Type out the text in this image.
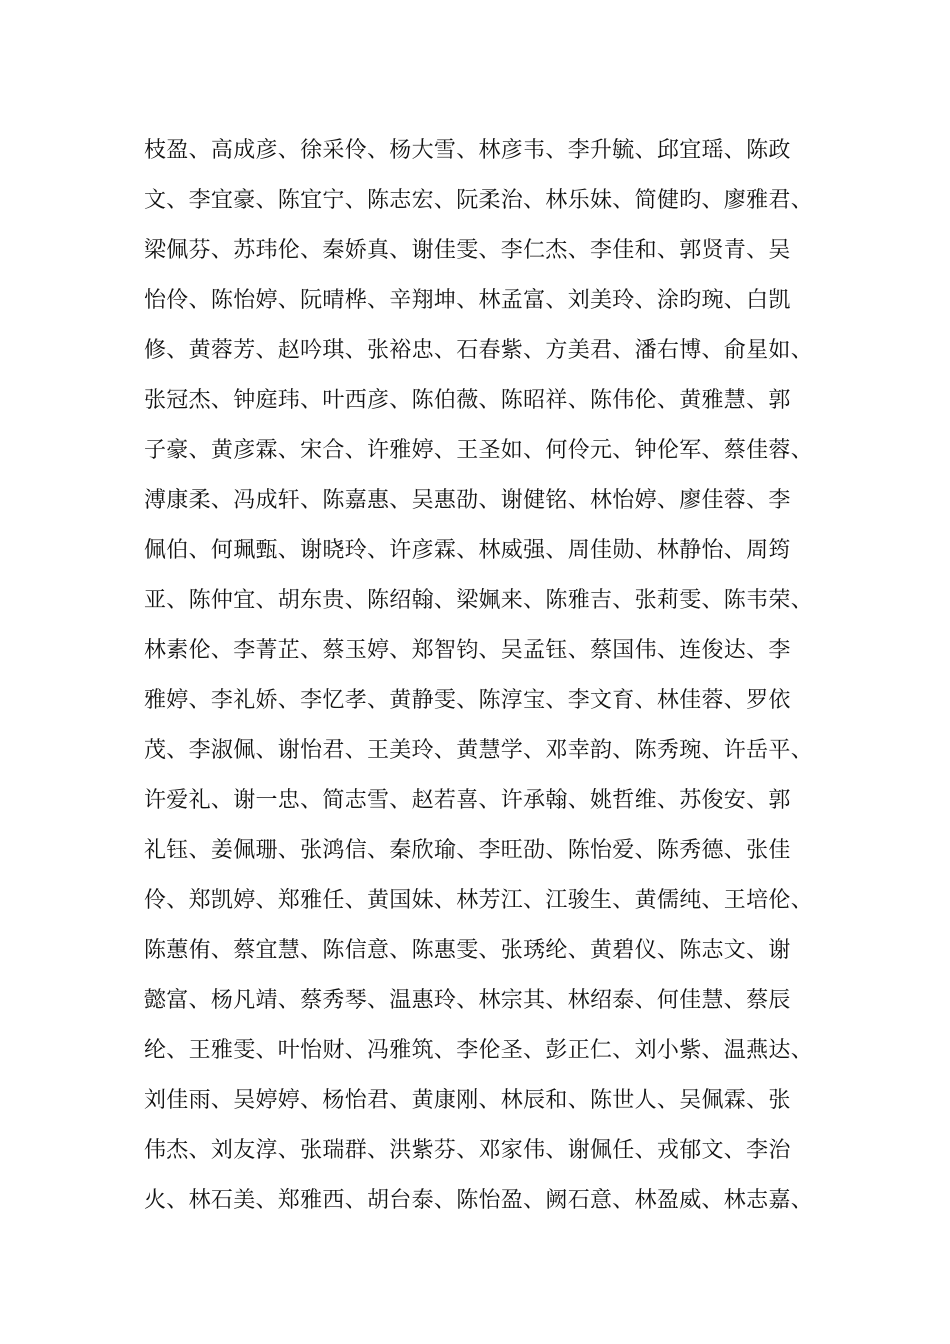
枝盈、高成彦、徐采伶、杨大雪、林彦韦、李升毓、邱宜瑶、陈政
文、李宜豪、陈宜宁、陈志宏、阮柔治、林乐妹、简健昀、廖雅君、
梁佩芬、苏玮伦、秦娇真、谢佳雯、李仁杰、李佳和、郭贤青、吴
怡伶、陈怡婷、阮晴桦、辛翔坤、林孟富、刘美玲、涂昀琬、白凯
修、黄蓉芳、赵吟琪、张裕忠、石春紫、方美君、潘右博、俞星如、
张冠杰、钟庭玮、叶西彦、陈伯薇、陈昭祥、陈伟伦、黄雅慧、郭
子豪、黄彦霖、宋合、许雅婷、王圣如、何伶元、钟伦军、蔡佳蓉、
溥康柔、冯成轩、陈嘉惠、吴惠劭、谢健铭、林怡婷、廖佳蓉、李
佩伯、何珮甄、谢晓玲、许彦霖、林威强、周佳勋、林静怡、周筠
亚、陈仲宜、胡东贵、陈绍翰、梁姵来、陈雅吉、张莉雯、陈韦荣、
林素伦、李菁芷、蔡玉婷、郑智钧、吴孟钰、蔡国伟、连俊达、李
雅婷、李礼娇、李忆孝、黄静雯、陈淳宝、李文育、林佳蓉、罗依
茂、李淑佩、谢怡君、王美玲、黄慧学、邓幸韵、陈秀琬、许岳平、
许爱礼、谢一忠、简志雪、赵若喜、许承翰、姚哲维、苏俊安、郭
礼钰、姜佩珊、张鸿信、秦欣瑜、李旺劭、陈怡爱、陈秀德、张佳
伶、郑凯婷、郑雅任、黄国妹、林芳江、江骏生、黄儒纯、王培伦、
陈蕙侑、蔡宜慧、陈信意、陈惠雯、张琇纶、黄碧仪、陈志文、谢
懿富、杨凡靖、蔡秀琴、温惠玲、林宗其、林绍泰、何佳慧、蔡辰
纶、王雅雯、叶怡财、冯雅筑、李伦圣、彭正仁、刘小紫、温燕达、
刘佳雨、吴婷婷、杨怡君、黄康刚、林辰和、陈世人、吴佩霖、张
伟杰、刘友淳、张瑞群、洪紫芬、邓家伟、谢佩任、戎郁文、李治
火、林石美、郑雅西、胡台泰、陈怡盈、阙石意、林盈威、林志嘉、
